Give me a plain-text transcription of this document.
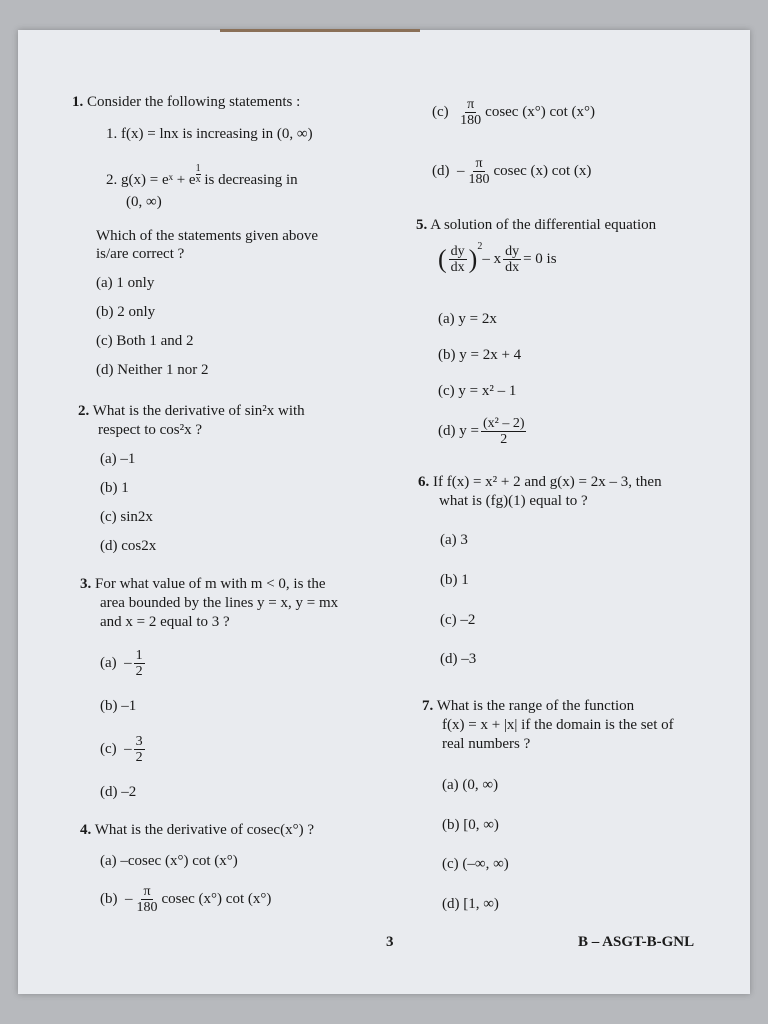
1. Consider the following statements :
1. f(x) = lnx is increasing in (0, ∞)
2. g(x) = eˣ + e $^{\frac{1}{x}}$ is decreasing in
(0, ∞)
Which of the statements given above
is/are correct ?
(a) 1 only
(b) 2 only
(c) Both 1 and 2
(d) Neither 1 nor 2
2. What is the derivative of sin²x with
respect to cos²x ?
(a) –1
(b) 1
(c) sin2x
(d) cos2x
3. For what value of m with m < 0, is the
area bounded by the lines y = x, y = mx
and x = 2 equal to 3 ?
$(a) - \frac{1}{2}$
(b) –1
$(c) - \frac{3}{2}$
(d) –2
4. What is the derivative of cosec(x°) ?
(a) –cosec (x°) cot (x°)
$(b) - \frac{\pi}{180}$ cosec (x°) cot (x°)
$(c) \frac{\pi}{180}$ cosec (x°) cot (x°)
$(d) - \frac{\pi}{180}$ cosec (x) cot (x)
5. A solution of the differential equation
( $\frac{dy}{dx} )^2-$ x $\frac{dy}{dx} = 0$ is
(a) y = 2x
(b) y = 2x + 4
(c) y = x² – 1
(d) $y = \frac{\text{(x² – 2)}}{2}$
6. If f(x) = x² + 2 and g(x) = 2x – 3, then
what is (fg)(1) equal to ?
(a) 3
(b) 1
(c) –2
(d) –3
7. What is the range of the function
f(x) = x + |x| if the domain is the set of
real numbers ?
(a) (0, ∞)
(b) [0, ∞)
(c) (–∞, ∞)
(d) [1, ∞)
3	B – ASGT-B-GNL
